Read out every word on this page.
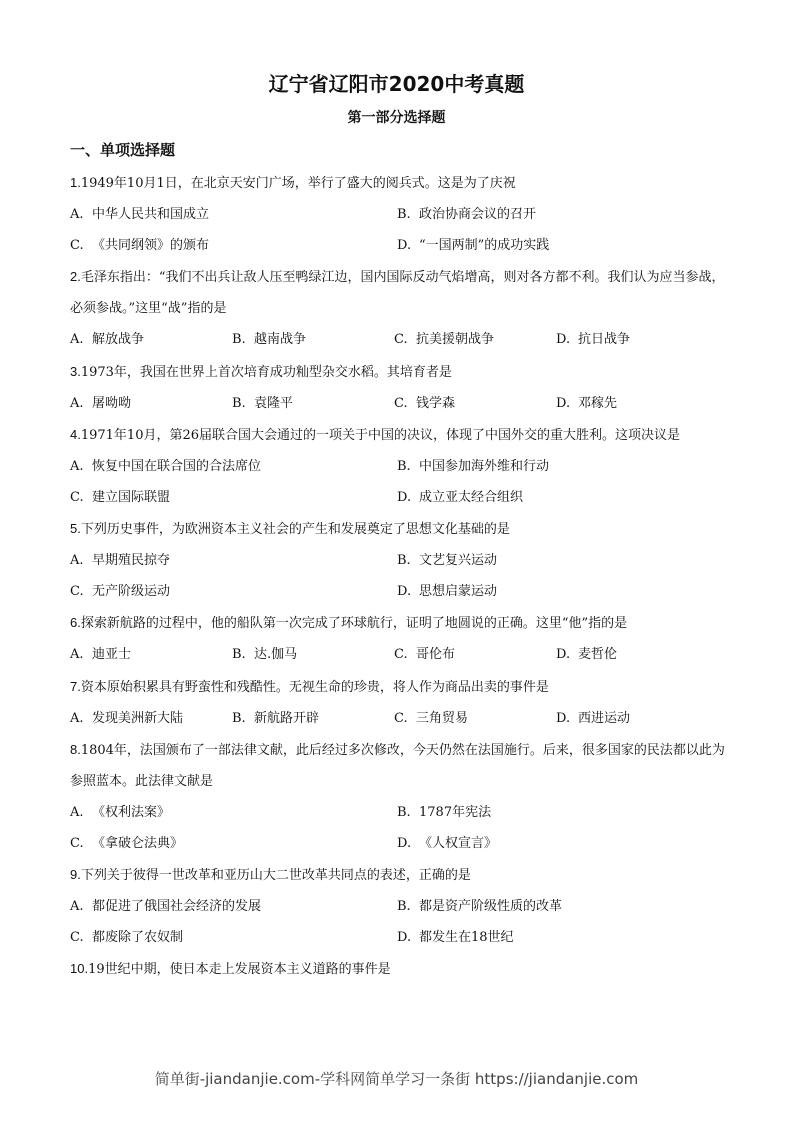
辽宁省辽阳市2020中考真题
第一部分选择题
一、单项选择题
1.1949年10月1日，在北京天安门广场，举行了盛大的阅兵式。这是为了庆祝
A. 中华人民共和国成立	B. 政治协商会议的召开
C. 《共同纲领》的颁布	D. “一国两制”的成功实践
2.毛泽东指出：“我们不出兵让敌人压至鸭绿江边，国内国际反动气焰增高，则对各方都不利。我们认为应当参战，必须参战。”这里“战”指的是
A. 解放战争	B. 越南战争	C. 抗美援朝战争	D. 抗日战争
3.1973年，我国在世界上首次培育成功籼型杂交水稻。其培育者是
A. 屠呦呦	B. 袁隆平	C. 钱学森	D. 邓稼先
4.1971年10月，第26届联合国大会通过的一项关于中国的决议，体现了中国外交的重大胜利。这项决议是
A. 恢复中国在联合国的合法席位	B. 中国参加海外维和行动
C. 建立国际联盟	D. 成立亚太经合组织
5.下列历史事件，为欧洲资本主义社会的产生和发展奠定了思想文化基础的是
A. 早期殖民掠夺	B. 文艺复兴运动
C. 无产阶级运动	D. 思想启蒙运动
6.探索新航路的过程中，他的船队第一次完成了环球航行，证明了地圆说的正确。这里“他”指的是
A. 迪亚士	B. 达.伽马	C. 哥伦布	D. 麦哲伦
7.资本原始积累具有野蛮性和残酷性。无视生命的珍贵，将人作为商品出卖的事件是
A. 发现美洲新大陆	B. 新航路开辟	C. 三角贸易	D. 西进运动
8.1804年，法国颁布了一部法律文献，此后经过多次修改，今天仍然在法国施行。后来，很多国家的民法都以此为参照蓝本。此法律文献是
A. 《权利法案》	B. 1787年宪法
C. 《拿破仑法典》	D. 《人权宣言》
9.下列关于彼得一世改革和亚历山大二世改革共同点的表述，正确的是
A. 都促进了俄国社会经济的发展	B. 都是资产阶级性质的改革
C. 都废除了农奴制	D. 都发生在18世纪
10.19世纪中期，使日本走上发展资本主义道路的事件是
简单街-jiandanjie.com-学科网简单学习一条街 https://jiandanjie.com
